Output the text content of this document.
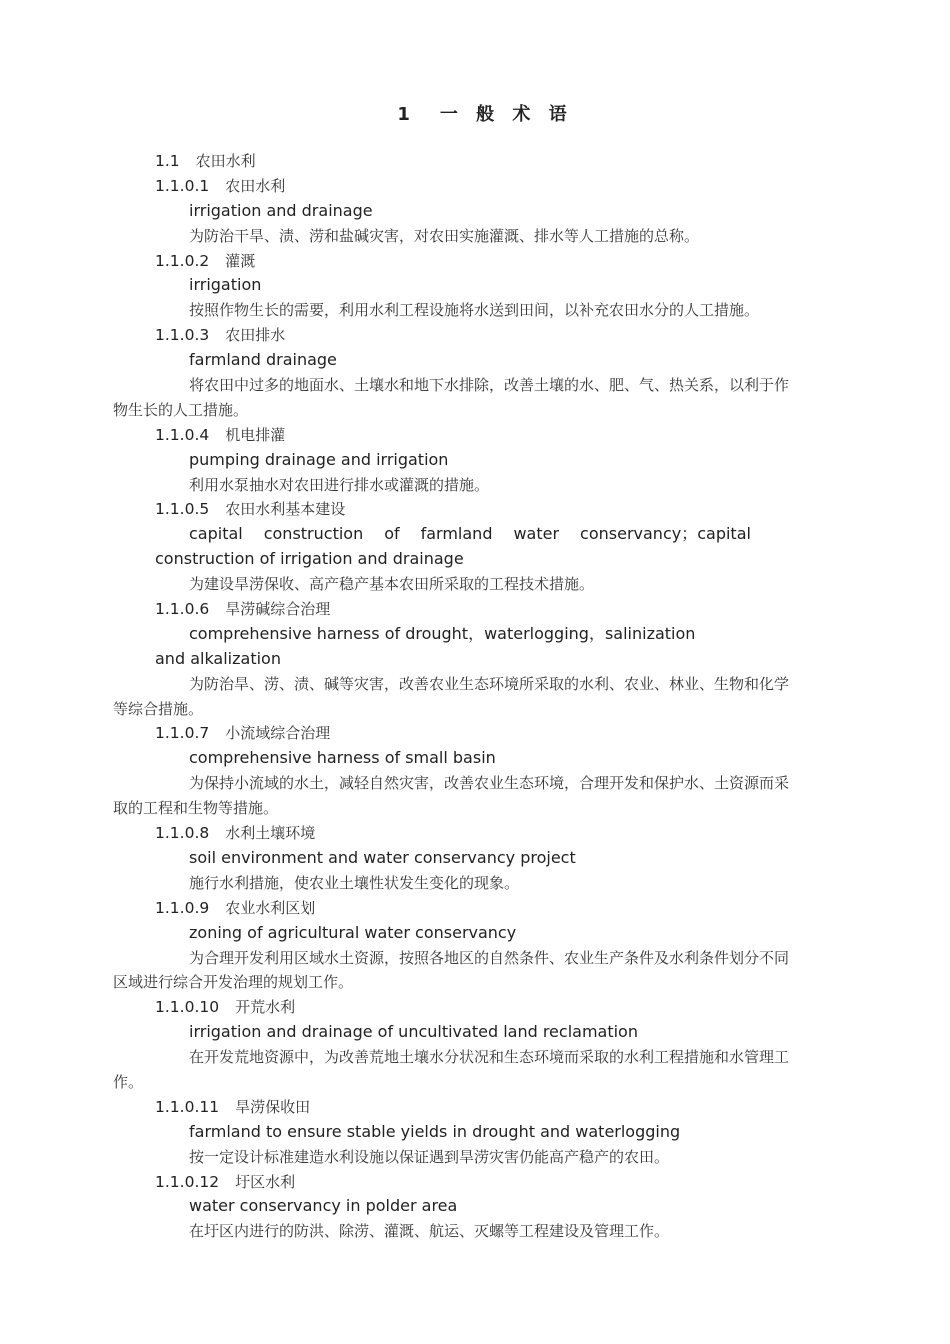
1　一 般 术 语
1.1 农田水利
1.1.0.1 农田水利
irrigation and drainage
为防治干旱、渍、涝和盐碱灾害，对农田实施灌溉、排水等人工措施的总称。
1.1.0.2 灌溉
irrigation
按照作物生长的需要，利用水利工程设施将水送到田间，以补充农田水分的人工措施。
1.1.0.3 农田排水
farmland drainage
将农田中过多的地面水、土壤水和地下水排除，改善土壤的水、肥、气、热关系，以利于作
物生长的人工措施。
1.1.0.4 机电排灌
pumping drainage and irrigation
利用水泵抽水对农田进行排水或灌溉的措施。
1.1.0.5 农田水利基本建设
capital construction of farmland water conservancy；capital
construction of irrigation and drainage
为建设旱涝保收、高产稳产基本农田所采取的工程技术措施。
1.1.0.6 旱涝碱综合治理
comprehensive harness of drought，waterlogging，salinization
and alkalization
为防治旱、涝、渍、碱等灾害，改善农业生态环境所采取的水利、农业、林业、生物和化学
等综合措施。
1.1.0.7 小流域综合治理
comprehensive harness of small basin
为保持小流域的水土，减轻自然灾害，改善农业生态环境，合理开发和保护水、土资源而采
取的工程和生物等措施。
1.1.0.8 水利土壤环境
soil environment and water conservancy project
施行水利措施，使农业土壤性状发生变化的现象。
1.1.0.9 农业水利区划
zoning of agricultural water conservancy
为合理开发利用区域水土资源，按照各地区的自然条件、农业生产条件及水利条件划分不同
区域进行综合开发治理的规划工作。
1.1.0.10 开荒水利
irrigation and drainage of uncultivated land reclamation
在开发荒地资源中，为改善荒地土壤水分状况和生态环境而采取的水利工程措施和水管理工
作。
1.1.0.11 旱涝保收田
farmland to ensure stable yields in drought and waterlogging
按一定设计标准建造水利设施以保证遇到旱涝灾害仍能高产稳产的农田。
1.1.0.12 圩区水利
water conservancy in polder area
在圩区内进行的防洪、除涝、灌溉、航运、灭螺等工程建设及管理工作。
